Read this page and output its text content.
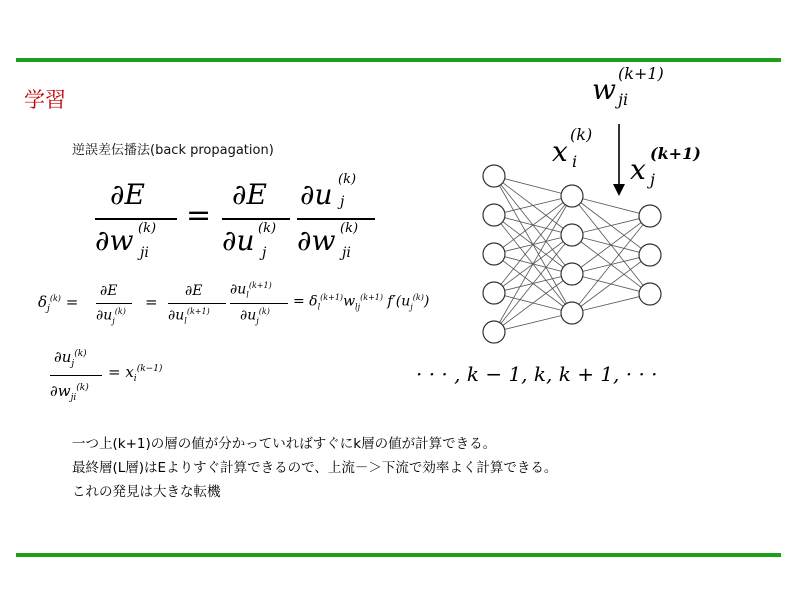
学習
逆誤差伝播法(back propagation)
∂E
∂w (k)
ji
=
∂E
∂u (k)
j
∂u (k)
j
∂w (k)
ji
$\delta_j^{(k)}$ =
∂E
$\partial u_j^{(k)}$
=
∂E
$\partial u_l^{(k+1)}$
$\partial u_l^{(k+1)}$
$\partial u_j^{(k)}$
= $\delta_l^{(k+1)}w_{lj}^{(k+1)}$ $f'(u_j^{(k)})$
$\partial u_j^{(k)}$
$\partial w_{ji}^{(k)}$
= $x_i^{(k-1)}$
w (k+1)
ji
x
(k)
i x (k+1)
j
· · · , k − 1, k, k + 1, · · ·
一つ上(k+1)の層の値が分かっていればすぐにk層の値が計算できる。
最終層(L層)はEよりすぐ計算できるので、上流－＞下流で効率よく計算できる。
これの発見は大きな転機
